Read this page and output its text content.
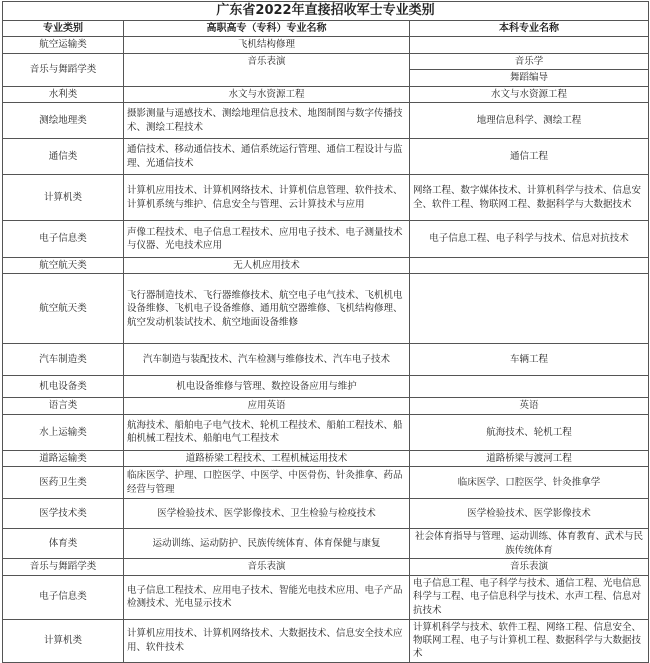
广东省2022年直接招收军士专业类别		
专业类别	高职高专（专科）专业名称	本科专业名称
航空运输类	飞机结构修理	
音乐与舞蹈学类	音乐表演	音乐学
		舞蹈编导
水利类	水文与水资源工程	水文与水资源工程
测绘地理类	摄影测量与遥感技术、测绘地理信息技术、地图制图与数字传播技术、测绘工程技术	地理信息科学、测绘工程
通信类	通信技术、移动通信技术、通信系统运行管理、通信工程设计与监理、光通信技术	通信工程
计算机类	计算机应用技术、计算机网络技术、计算机信息管理、软件技术、计算机系统与维护、信息安全与管理、云计算技术与应用	网络工程、数字媒体技术、计算机科学与技术、信息安全、软件工程、物联网工程、数据科学与大数据技术
电子信息类	声像工程技术、电子信息工程技术、应用电子技术、电子测量技术与仪器、光电技术应用	电子信息工程、电子科学与技术、信息对抗技术
航空航天类	无人机应用技术	
航空航天类	飞行器制造技术、飞行器维修技术、航空电子电气技术、飞机机电设备维修、飞机电子设备维修、通用航空器维修、飞机结构修理、航空发动机装试技术、航空地面设备维修	
汽车制造类	汽车制造与装配技术、汽车检测与维修技术、汽车电子技术	车辆工程
机电设备类	机电设备维修与管理、数控设备应用与维护	
语言类	应用英语	英语
水上运输类	航海技术、船舶电子电气技术、轮机工程技术、船舶工程技术、船舶机械工程技术、船舶电气工程技术	航海技术、轮机工程
道路运输类	道路桥梁工程技术、工程机械运用技术	道路桥梁与渡河工程
医药卫生类	临床医学、护理、口腔医学、中医学、中医骨伤、针灸推拿、药品经营与管理	临床医学、口腔医学、针灸推拿学
医学技术类	医学检验技术、医学影像技术、卫生检验与检疫技术	医学检验技术、医学影像技术
体育类	运动训练、运动防护、民族传统体育、体育保健与康复	社会体育指导与管理、运动训练、体育教育、武术与民族传统体育
音乐与舞蹈学类	音乐表演	音乐表演
电子信息类	电子信息工程技术、应用电子技术、智能光电技术应用、电子产品检测技术、光电显示技术	电子信息工程、电子科学与技术、通信工程、光电信息科学与工程、电子信息科学与技术、水声工程、信息对抗技术
计算机类	计算机应用技术、计算机网络技术、大数据技术、信息安全技术应用、软件技术	计算机科学与技术、软件工程、网络工程、信息安全、物联网工程、电子与计算机工程、数据科学与大数据技术
